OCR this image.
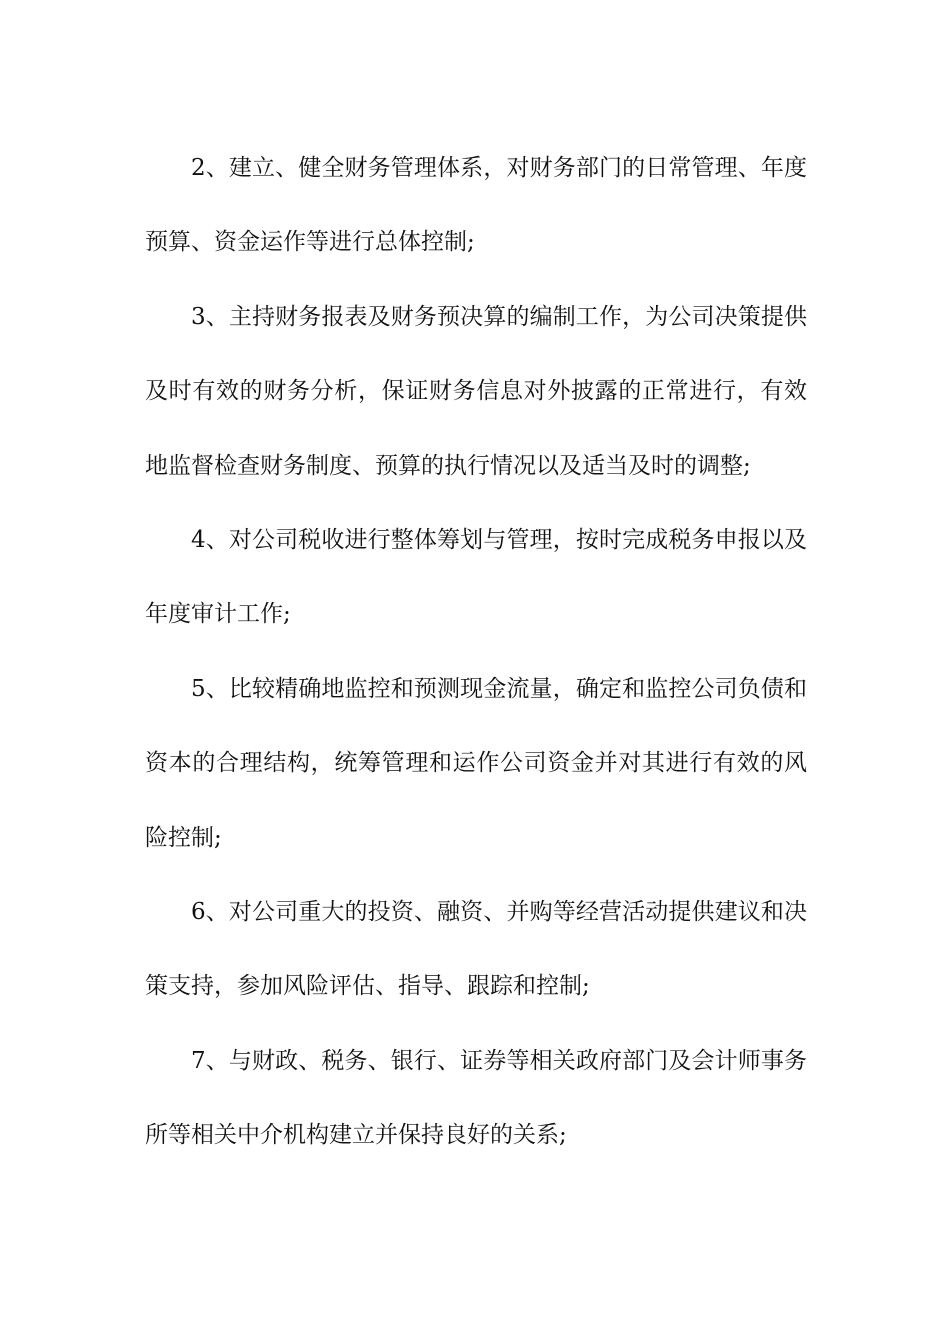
2、建立、健全财务管理体系，对财务部门的日常管理、年度预算、资金运作等进行总体控制;

3、主持财务报表及财务预决算的编制工作，为公司决策提供及时有效的财务分析，保证财务信息对外披露的正常进行，有效地监督检查财务制度、预算的执行情况以及适当及时的调整;

4、对公司税收进行整体筹划与管理，按时完成税务申报以及年度审计工作;

5、比较精确地监控和预测现金流量，确定和监控公司负债和资本的合理结构，统筹管理和运作公司资金并对其进行有效的风险控制;

6、对公司重大的投资、融资、并购等经营活动提供建议和决策支持，参加风险评估、指导、跟踪和控制;

7、与财政、税务、银行、证券等相关政府部门及会计师事务所等相关中介机构建立并保持良好的关系;
